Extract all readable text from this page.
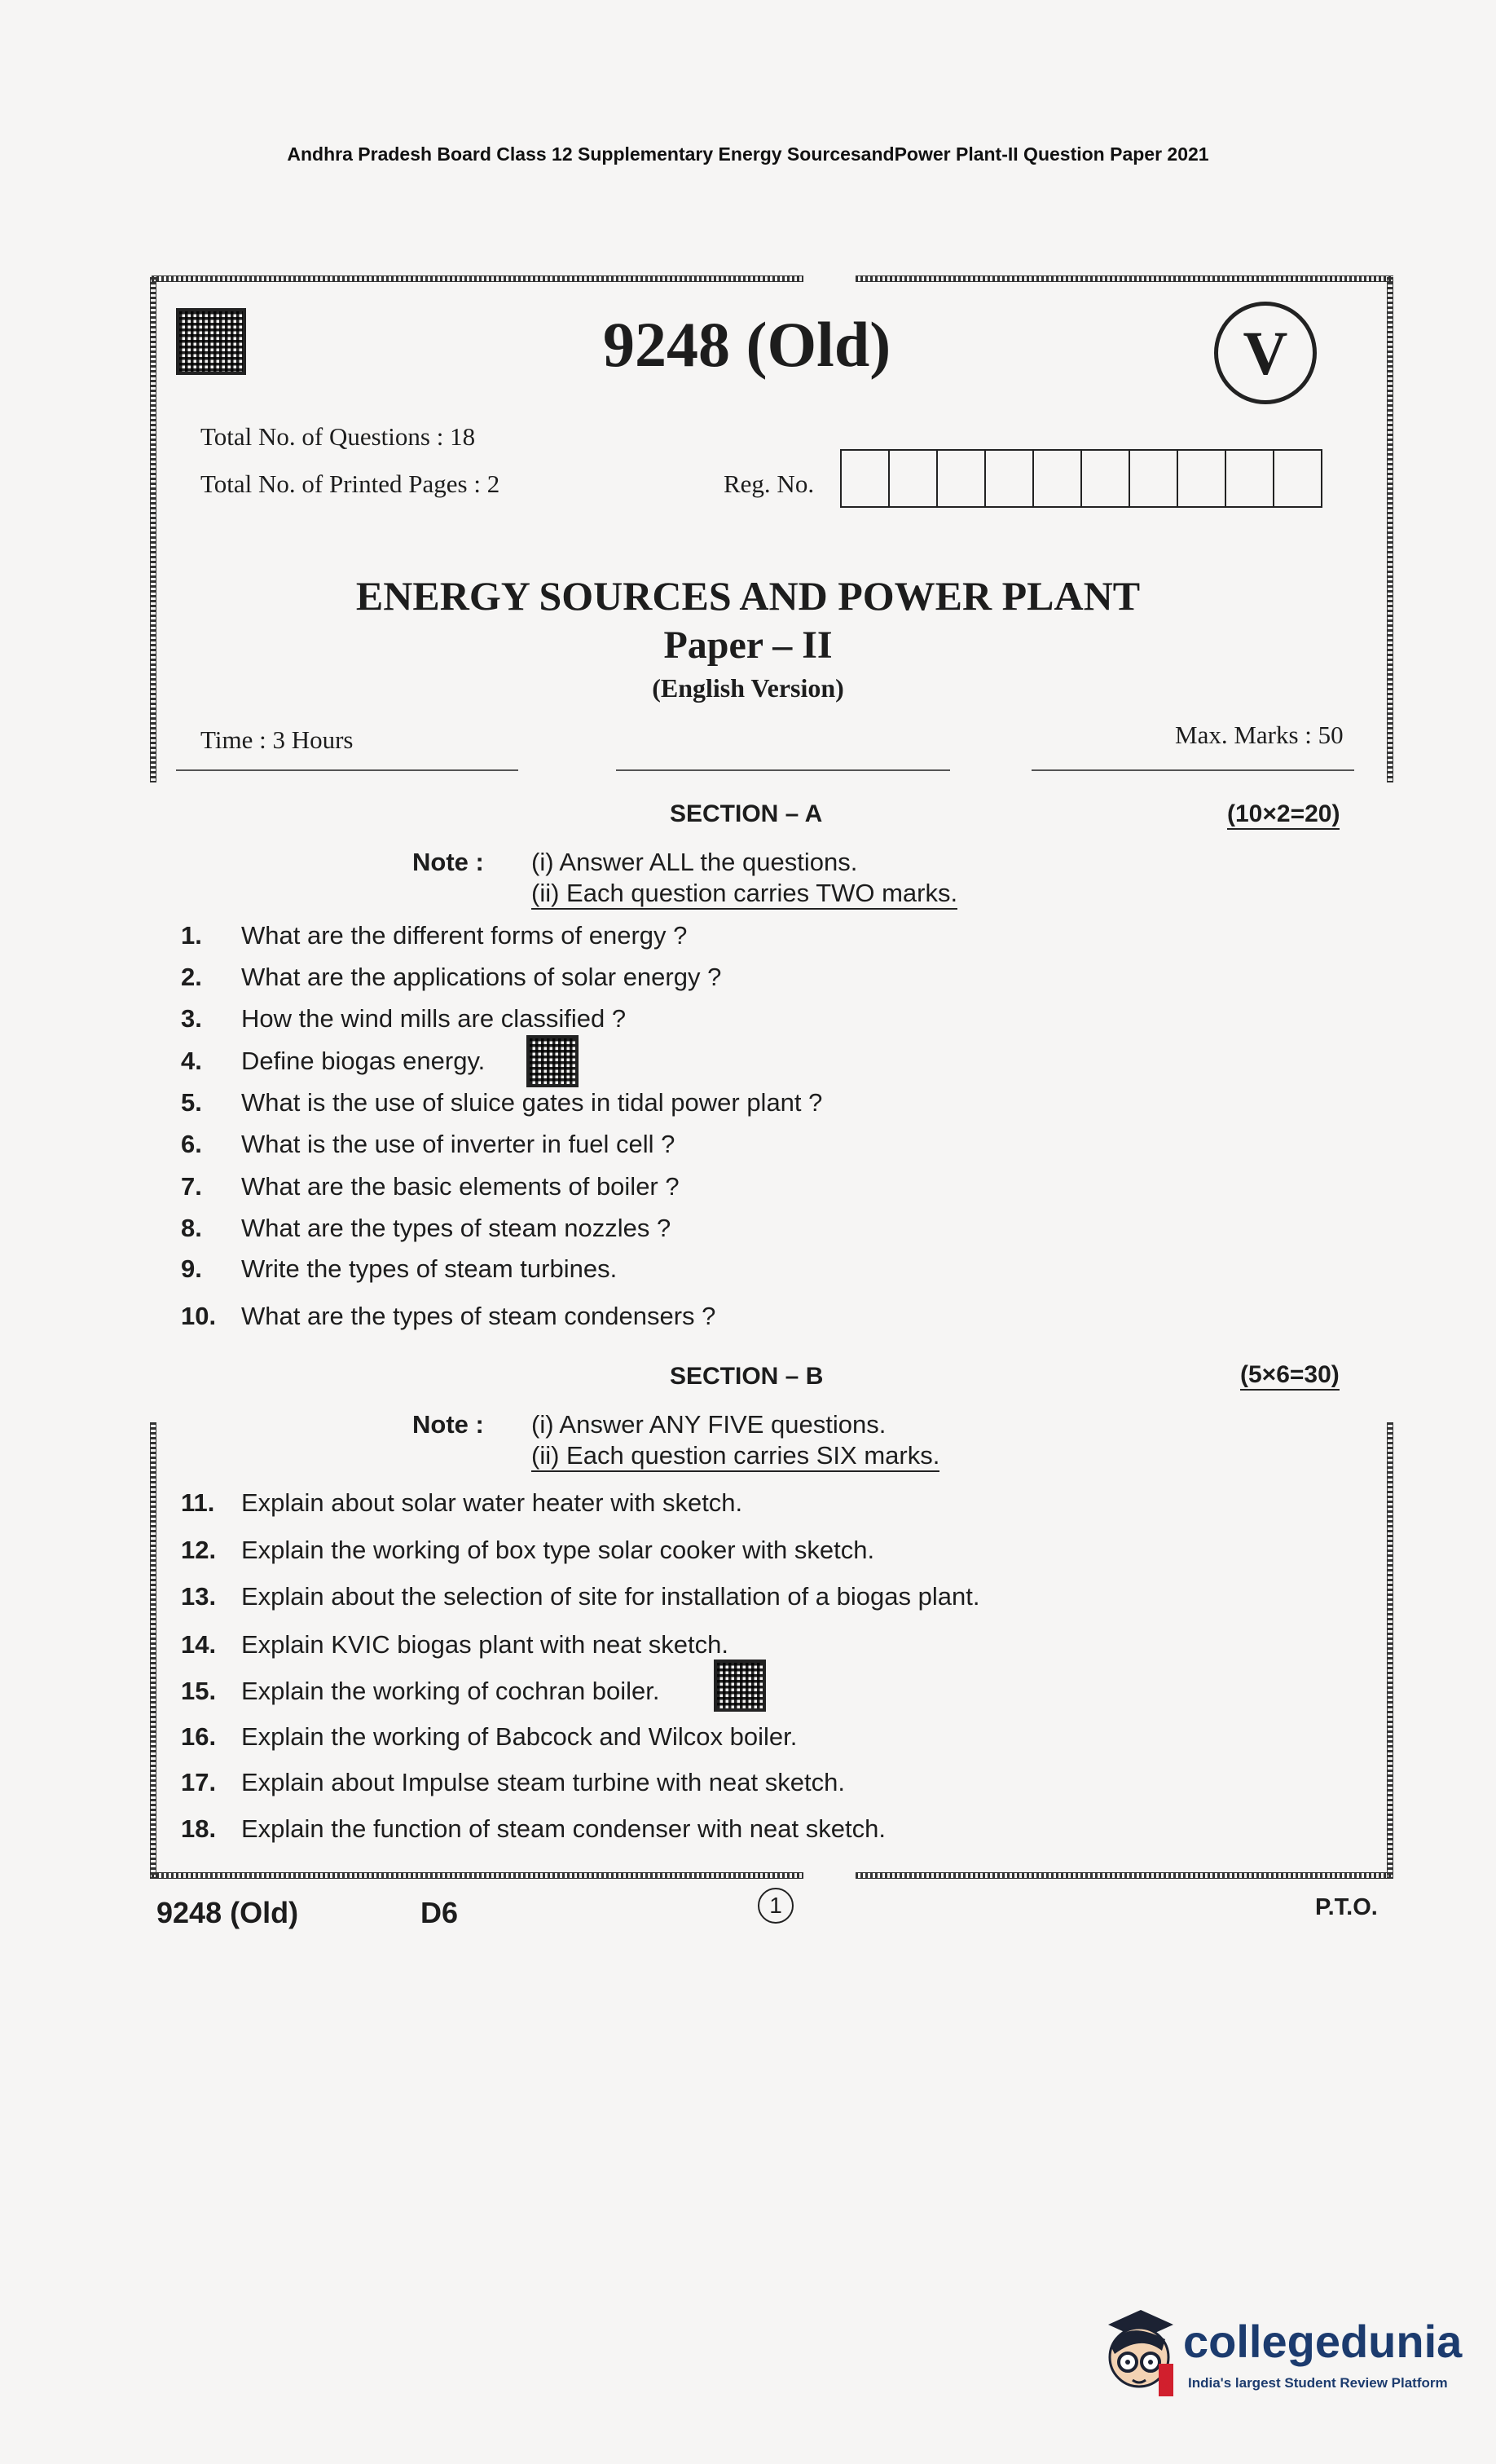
Andhra Pradesh Board Class 12 Supplementary Energy SourcesandPower Plant-II Question Paper 2021
9248 (Old)	V
Total No. of Questions : 18
Total No. of Printed Pages : 2	Reg. No.
ENERGY SOURCES AND POWER PLANT
Paper – II
(English Version)
Time : 3 Hours	Max. Marks : 50
SECTION – A	(10×2=20)
Note : (i) Answer ALL the questions.
(ii) Each question carries TWO marks.
1. What are the different forms of energy ?
2. What are the applications of solar energy ?
3. How the wind mills are classified ?
4. Define biogas energy.
5. What is the use of sluice gates in tidal power plant ?
6. What is the use of inverter in fuel cell ?
7. What are the basic elements of boiler ?
8. What are the types of steam nozzles ?
9. Write the types of steam turbines.
10. What are the types of steam condensers ?
SECTION – B	(5×6=30)
Note : (i) Answer ANY FIVE questions.
(ii) Each question carries SIX marks.
11. Explain about solar water heater with sketch.
12. Explain the working of box type solar cooker with sketch.
13. Explain about the selection of site for installation of a biogas plant.
14. Explain KVIC biogas plant with neat sketch.
15. Explain the working of cochran boiler.
16. Explain the working of Babcock and Wilcox boiler.
17. Explain about Impulse steam turbine with neat sketch.
18. Explain the function of steam condenser with neat sketch.
9248 (Old)	D6	1	P.T.O.
collegedunia
India's largest Student Review Platform
